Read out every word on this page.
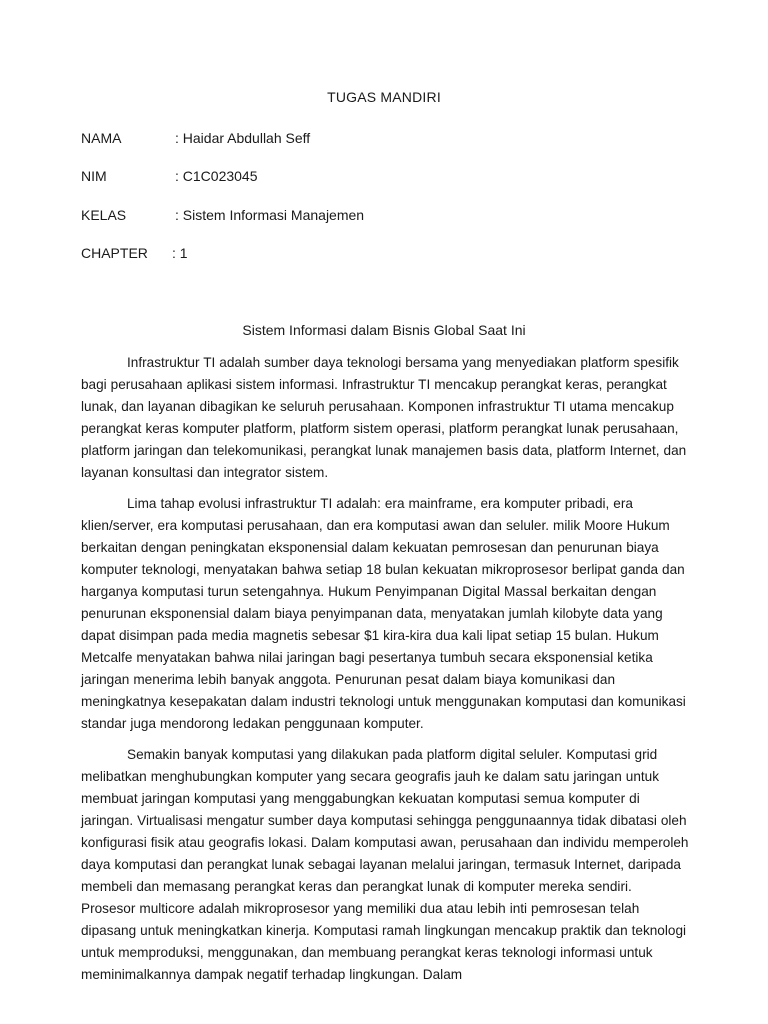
TUGAS MANDIRI
NAMA	: Haidar Abdullah Seff
NIM	: C1C023045
KELAS	: Sistem Informasi Manajemen
CHAPTER : 1
Sistem Informasi dalam Bisnis Global Saat Ini

Infrastruktur TI adalah sumber daya teknologi bersama yang menyediakan platform spesifik bagi perusahaan aplikasi sistem informasi. Infrastruktur TI mencakup perangkat keras, perangkat lunak, dan layanan dibagikan ke seluruh perusahaan. Komponen infrastruktur TI utama mencakup perangkat keras komputer platform, platform sistem operasi, platform perangkat lunak perusahaan, platform jaringan dan telekomunikasi, perangkat lunak manajemen basis data, platform Internet, dan layanan konsultasi dan integrator sistem.

Lima tahap evolusi infrastruktur TI adalah: era mainframe, era komputer pribadi, era klien/server, era komputasi perusahaan, dan era komputasi awan dan seluler. milik Moore Hukum berkaitan dengan peningkatan eksponensial dalam kekuatan pemrosesan dan penurunan biaya komputer teknologi, menyatakan bahwa setiap 18 bulan kekuatan mikroprosesor berlipat ganda dan harganya komputasi turun setengahnya. Hukum Penyimpanan Digital Massal berkaitan dengan penurunan eksponensial dalam biaya penyimpanan data, menyatakan jumlah kilobyte data yang dapat disimpan pada media magnetis sebesar $1 kira-kira dua kali lipat setiap 15 bulan. Hukum Metcalfe menyatakan bahwa nilai jaringan bagi pesertanya tumbuh secara eksponensial ketika jaringan menerima lebih banyak anggota. Penurunan pesat dalam biaya komunikasi dan meningkatnya kesepakatan dalam industri teknologi untuk menggunakan komputasi dan komunikasi standar juga mendorong ledakan penggunaan komputer.

Semakin banyak komputasi yang dilakukan pada platform digital seluler. Komputasi grid melibatkan menghubungkan komputer yang secara geografis jauh ke dalam satu jaringan untuk membuat jaringan komputasi yang menggabungkan kekuatan komputasi semua komputer di jaringan. Virtualisasi mengatur sumber daya komputasi sehingga penggunaannya tidak dibatasi oleh konfigurasi fisik atau geografis lokasi. Dalam komputasi awan, perusahaan dan individu memperoleh daya komputasi dan perangkat lunak sebagai layanan melalui jaringan, termasuk Internet, daripada membeli dan memasang perangkat keras dan perangkat lunak di komputer mereka sendiri. Prosesor multicore adalah mikroprosesor yang memiliki dua atau lebih inti pemrosesan telah dipasang untuk meningkatkan kinerja. Komputasi ramah lingkungan mencakup praktik dan teknologi untuk memproduksi, menggunakan, dan membuang perangkat keras teknologi informasi untuk meminimalkannya dampak negatif terhadap lingkungan. Dalam
